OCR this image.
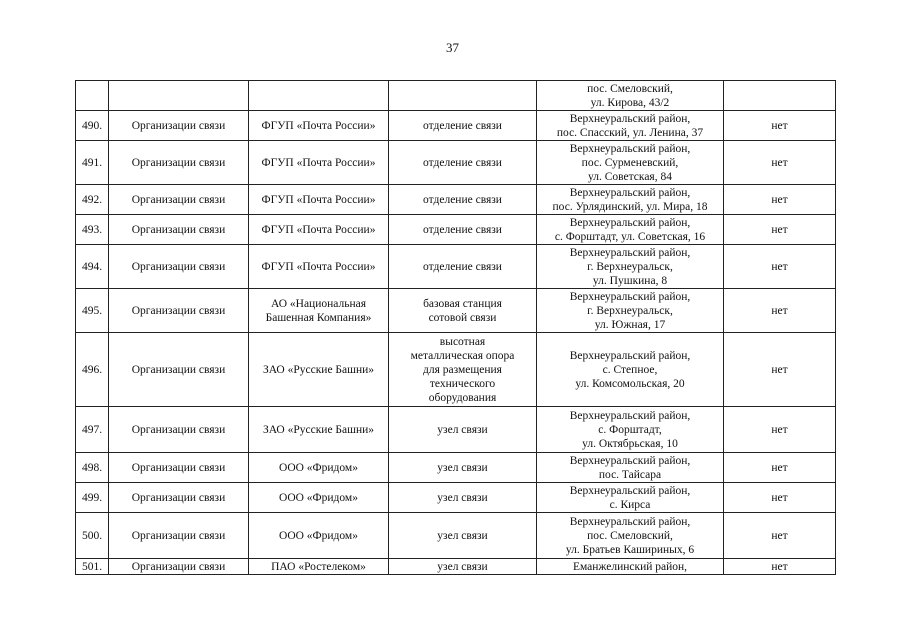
37
				пос. Смеловский,
ул. Кирова, 43/2	
490.	Организации связи	ФГУП «Почта России»	отделение связи	Верхнеуральский район,
пос. Спасский, ул. Ленина, 37	нет
491.	Организации связи	ФГУП «Почта России»	отделение связи	Верхнеуральский район,
пос. Сурменевский,
ул. Советская, 84	нет
492.	Организации связи	ФГУП «Почта России»	отделение связи	Верхнеуральский район,
пос. Урлядинский, ул. Мира, 18	нет
493.	Организации связи	ФГУП «Почта России»	отделение связи	Верхнеуральский район,
с. Форштадт, ул. Советская, 16	нет
494.	Организации связи	ФГУП «Почта России»	отделение связи	Верхнеуральский район,
г. Верхнеуральск,
ул. Пушкина, 8	нет
495.	Организации связи	АО «Национальная
Башенная Компания»	базовая станция
сотовой связи	Верхнеуральский район,
г. Верхнеуральск,
ул. Южная, 17	нет
496.	Организации связи	ЗАО «Русские Башни»	высотная
металлическая опора
для размещения
технического
оборудования	Верхнеуральский район,
с. Степное,
ул. Комсомольская, 20	нет
497.	Организации связи	ЗАО «Русские Башни»	узел связи	Верхнеуральский район,
с. Форштадт,
ул. Октябрьская, 10	нет
498.	Организации связи	ООО «Фридом»	узел связи	Верхнеуральский район,
пос. Тайсара	нет
499.	Организации связи	ООО «Фридом»	узел связи	Верхнеуральский район,
с. Кирса	нет
500.	Организации связи	ООО «Фридом»	узел связи	Верхнеуральский район,
пос. Смеловский,
ул. Братьев Кашириных, 6	нет
501.	Организации связи	ПАО «Ростелеком»	узел связи	Еманжелинский район,	нет
